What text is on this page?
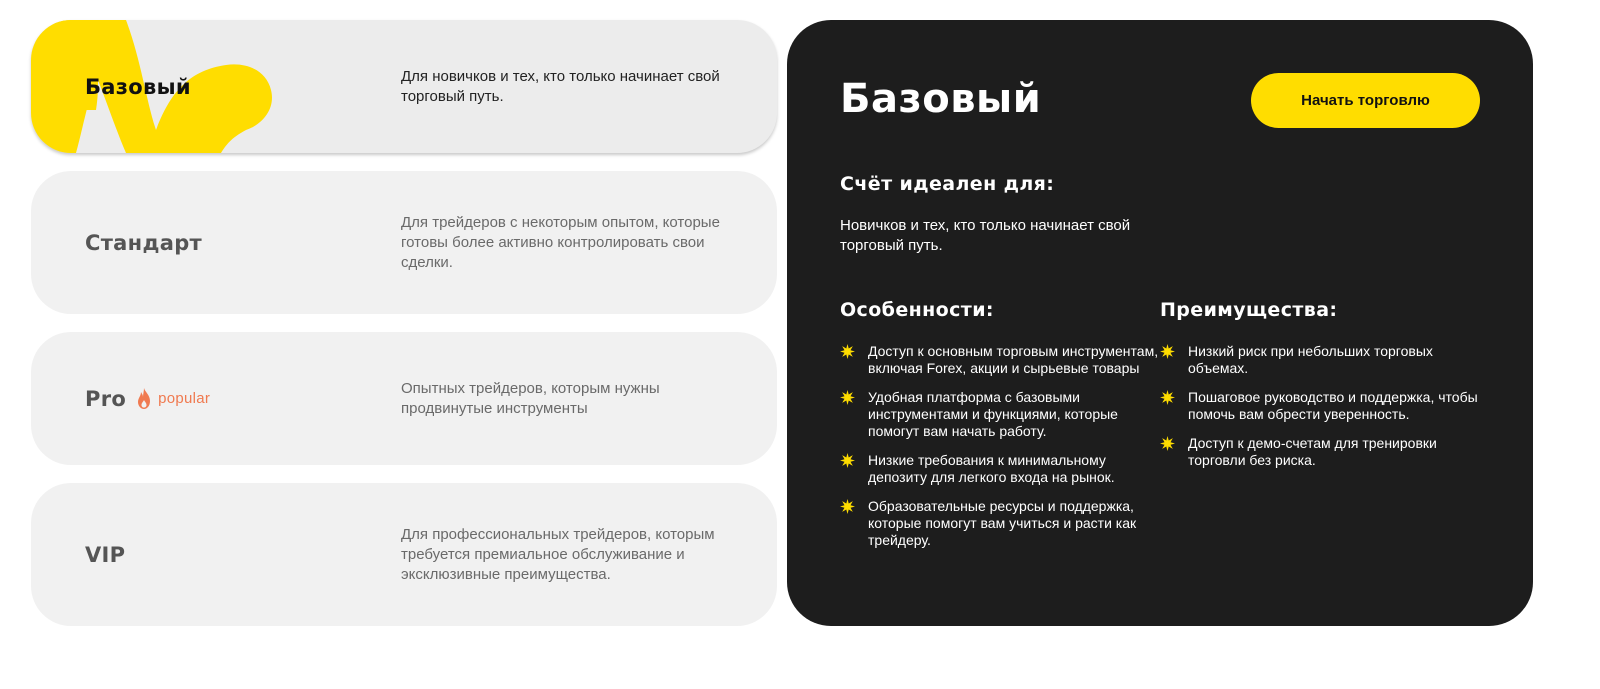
Базовый	Для новичков и тех, кто только начинает свой торговый путь.
Стандарт
Для трейдеров с некоторым опытом, которые готовы более активно контролировать свои сделки.
Pro popular
Опытных трейдеров, которым нужны продвинутые инструменты
VIP
Для профессиональных трейдеров, которым требуется премиальное обслуживание и эксклюзивные преимущества.
Базовый	Начать торговлю
Счёт идеален для:
Новичков и тех, кто только начинает свой торговый путь.
Особенности:
Доступ к основным торговым инструментам, включая Forex, акции и сырьевые товары
Удобная платформа с базовыми инструментами и функциями, которые помогут вам начать работу.
Низкие требования к минимальному депозиту для легкого входа на рынок.
Образовательные ресурсы и поддержка, которые помогут вам учиться и расти как трейдеру.
Преимущества:
Низкий риск при небольших торговых объемах.
Пошаговое руководство и поддержка, чтобы помочь вам обрести уверенность.
Доступ к демо-счетам для тренировки торговли без риска.
